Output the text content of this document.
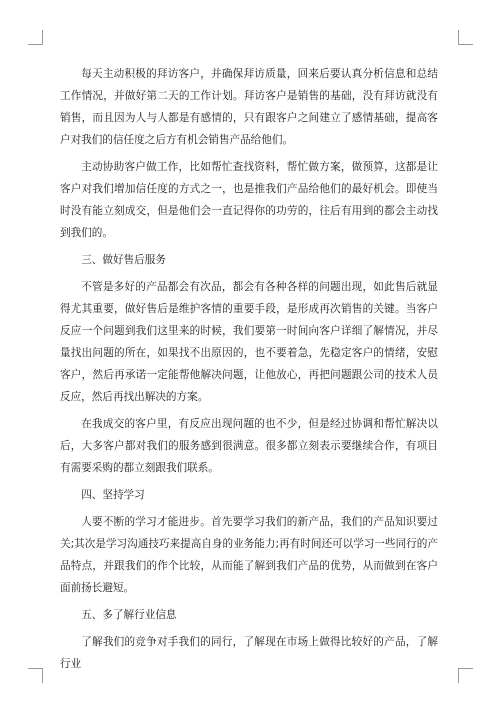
每天主动积极的拜访客户，并确保拜访质量，回来后要认真分析信息和总结工作情况，并做好第二天的工作计划。拜访客户是销售的基础，没有拜访就没有销售，而且因为人与人都是有感情的，只有跟客户之间建立了感情基础，提高客户对我们的信任度之后方有机会销售产品给他们。

主动协助客户做工作，比如帮忙查找资料，帮忙做方案，做预算，这都是让客户对我们增加信任度的方式之一，也是推我们产品给他们的最好机会。即使当时没有能立刻成交，但是他们会一直记得你的功劳的，往后有用到的都会主动找到我们的。

三、做好售后服务

不管是多好的产品都会有次品，都会有各种各样的问题出现，如此售后就显得尤其重要，做好售后是维护客情的重要手段，是形成再次销售的关键。当客户反应一个问题到我们这里来的时候，我们要第一时间向客户详细了解情况，并尽量找出问题的所在，如果找不出原因的，也不要着急，先稳定客户的情绪，安慰客户，然后再承诺一定能帮他解决问题，让他放心，再把问题跟公司的技术人员反应，然后再找出解决的方案。

在我成交的客户里，有反应出现问题的也不少，但是经过协调和帮忙解决以后，大多客户都对我们的服务感到很满意。很多都立刻表示要继续合作，有项目有需要采购的都立刻跟我们联系。

四、坚持学习

人要不断的学习才能进步。首先要学习我们的新产品，我们的产品知识要过关;其次是学习沟通技巧来提高自身的业务能力;再有时间还可以学习一些同行的产品特点，并跟我们的作个比较，从而能了解到我们产品的优势，从而做到在客户面前扬长避短。

五、多了解行业信息

了解我们的竞争对手我们的同行，了解现在市场上做得比较好的产品，了解行业
